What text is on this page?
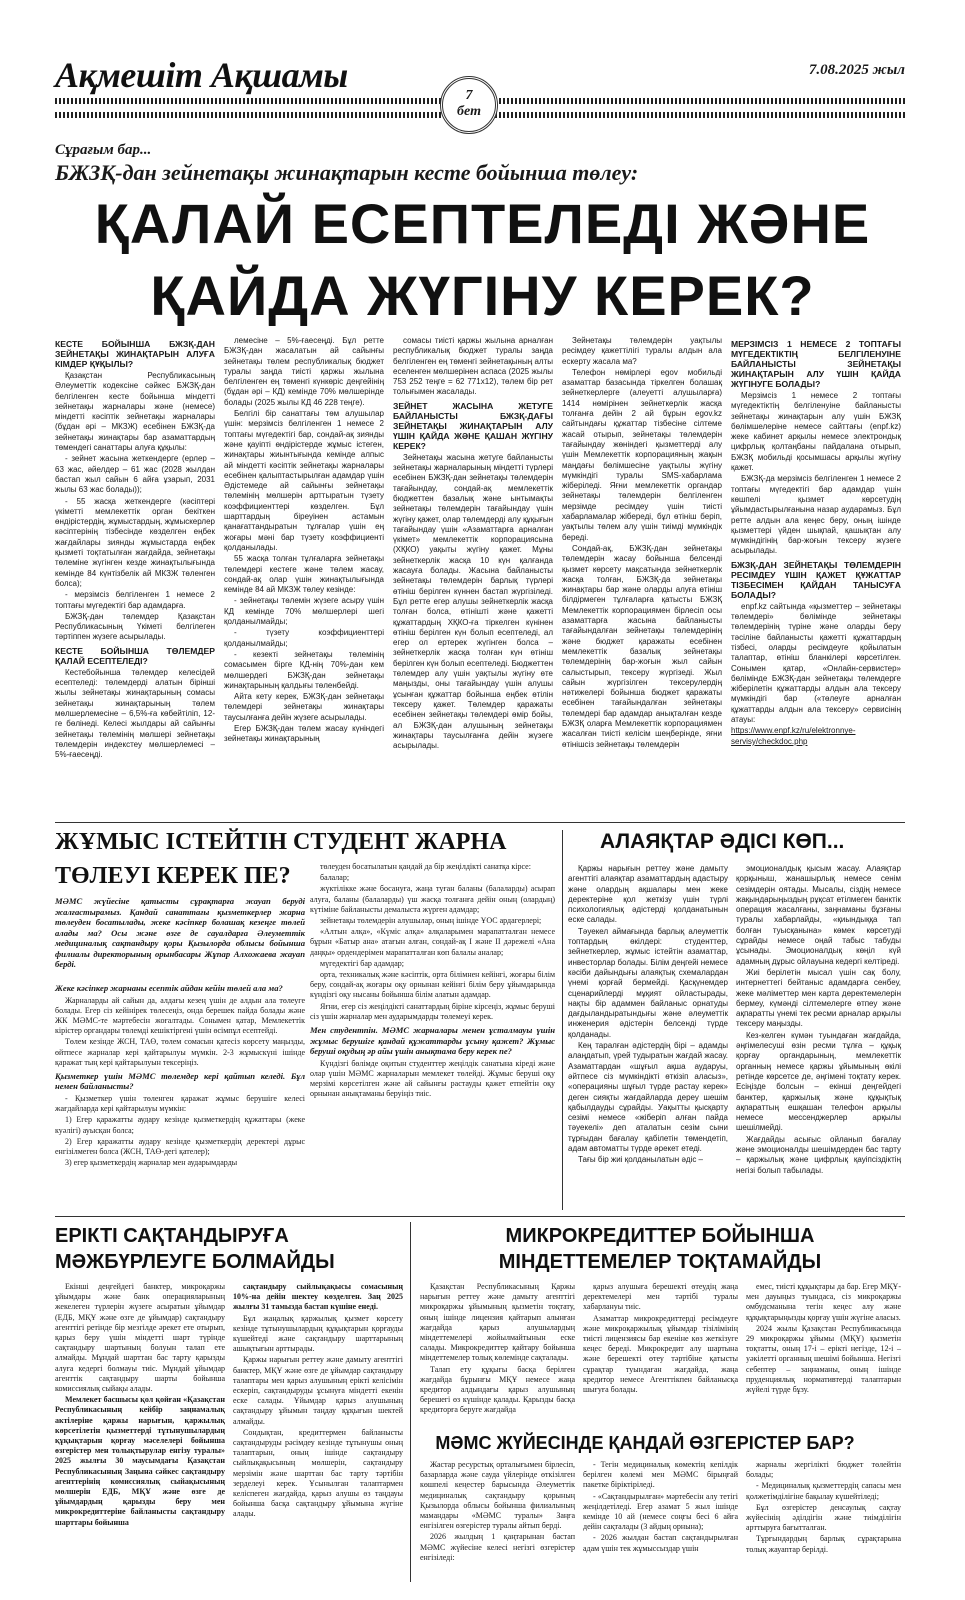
Ақмешіт Ақшамы
7
бет
7.08.2025 жыл
Сұрағым бар...
БЖЗҚ-дан зейнетақы жинақтарын кесте бойынша төлеу:
ҚАЛАЙ ЕСЕПТЕЛЕДІ ЖӘНЕ
ҚАЙДА ЖҮГІНУ КЕРЕК?
КЕСТЕ БОЙЫНША БЖЗҚ-ДАН ЗЕЙНЕТАҚЫ ЖИНАҚТАРЫН АЛУҒА КІМДЕР ҚҰҚЫЛЫ?

Қазақстан Республикасының Әлеуметтік кодексіне сәйкес БЖЗҚ-дан белгіленген кесте бойынша міндетті зейнетақы жарналары және (немесе) міндетті кәсіптік зейнетақы жарналары (бұдан әрі – МКЗЖ) есебінен БЖЗҚ-да зейнетақы жинақтары бар азаматтардың төмендегі санаттары алуға құқылы:

- зейнет жасына жеткендерге (ерлер – 63 жас, әйелдер – 61 жас (2028 жылдан бастап жыл сайын 6 айға ұзарып, 2031 жылы 63 жас болады));

- 55 жасқа жеткендерге (кәсіптері үкіметті мемлекеттік орган бекіткен өндірістердің, жұмыстардың, жұмыскерлер кәсіптерінің тізбесінде көзделген еңбек жағдайлары зиянды жұмыстарда еңбек қызметі тоқтатылған жағдайда, зейнетақы төлеміне жүгінген кезде жинақтылығында кемінде 84 күнтізбелік ай МКЗЖ төленген болса);

- мерзімсіз белгіленген 1 немесе 2 топтағы мүгедектігі бар адамдарға.

БЖЗҚ-дан төлемдер Қазақстан Республикасының Үкіметі белгілеген тәртіппен жүзеге асырылады.

КЕСТЕ БОЙЫНША ТӨЛЕМДЕР ҚАЛАЙ ЕСЕПТЕЛЕДІ?

Кестебойынша төлемдер келесідей есептеледі: төлемдерді алатын бірінші жылы зейнетақы жинақтарының сомасы зейнетақы жинақтарының төлем мөлшерлемесіне – 6,5%-ға көбейтіліп, 12-ге бөлінеді. Келесі жылдары ай сайынғы зейнетақы төлемінің мөлшері зейнетақы төлемдерін индекстеу мөлшерлемесі – 5%-ғаесеңді.

лемесіне – 5%-ғаесеңді. Бұл ретте БЖЗҚ-дан жасалатын ай сайынғы зейнетақы төлем республикалық бюджет туралы заңда тиісті қаржы жылына белгіленген ең төменгі күнкөріс деңгейінің (бұдан әрі – КД) кемінде 70% мөлшерінде болады (2025 жылы КД 46 228 теңге).

Белгілі бір санаттағы төм алушылар үшін: мерзімсіз белгіленген 1 немесе 2 топтағы мүгедектігі бар, сондай-ақ зиянды және қауіпті өндірістерде жұмыс істеген, жинақтары жиынтығында кемінде алпыс ай міндетті кәсіптік зейнетақы жарналары есебінен қалыптастырылған адамдар үшін Әдістемеде ай сайынғы зейнетақы төлемінің мөлшерін арттыратын түзету коэффициенттері көзделген. Бұл шарттардың біреуінен астамын қанағаттандыратын тұлғалар үшін ең жоғары мәні бар түзету коэффициенті қолданылады.

55 жасқа толған тұлғаларға зейнетақы төлемдері кестеге және төлем жасау, сондай-ақ олар үшін жинақтылығында кемінде 84 ай МКЗЖ төлеу кезінде:

- зейнетақы төлемін жүзеге асыру үшін КД кемінде 70% мөлшерлері шегі қолданылмайды;

- түзету коэффициенттері қолданылмайды;

- кезекті зейнетақы төлемінің сомасымен бірге КД-нің 70%-дан кем мөлшердегі БЖЗҚ-дан зейнетақы жинақтарының қалдығы төленбейді.

Айта кету керек, БЖЗҚ-дан зейнетақы төлемдері зейнетақы жинақтары таусылғанға дейін жүзеге асырылады.

Егер БЖЗҚ-дан төлем жасау күніндегі зейнетақы жинақтарының

сомасы тиісті қаржы жылына арналған республикалық бюджет туралы заңда белгіленген ең төменгі зейнетақының алты еселенген мөлшерінен аспаса (2025 жылы 753 252 теңге = 62 771х12), төлем бір рет толығымен жасалады.

ЗЕЙНЕТ ЖАСЫНА ЖЕТУГЕ БАЙЛАНЫСТЫ БЖЗҚ-ДАҒЫ ЗЕЙНЕТАҚЫ ЖИНАҚТАРЫН АЛУ ҮШІН ҚАЙДА ЖӘНЕ ҚАШАН ЖҮГІНУ КЕРЕК?

Зейнетақы жасына жетуге байланысты зейнетақы жарналарының міндетті түрлері есебінен БЖЗҚ-дан зейнетақы төлемдерін тағайындау, сондай-ақ мемлекеттік бюджеттен базалық және ынтымақты зейнетақы төлемдерін тағайындау үшін жүгіну қажет, олар төлемдерді алу құқығын тағайындау үшін «Азаматтарға арналған үкімет» мемлекеттік корпорациясына (ХҚКО) уақыты жүгіну қажет. Мұны зейнеткерлік жасқа 10 күн қалғанда жасауға болады. Жасына байланысты зейнетақы төлемдерін барлық түрлері өтініш берілген күннен бастап жүргізіледі. Бұл ретте егер алушы зейнеткерлік жасқа толған болса, өтінішті және қажетті құжаттардың ХҚКО-ға тіркелген күнінен өтініш берілген күн болып есептеледі, ал егер ол ертерек жүгінген болса – зейнеткерлік жасқа толған күн өтініш берілген күн болып есептеледі. Бюджеттен төлемдер алу үшін уақтылы жүгіну өте маңызды, оны тағайындау үшін алушы ұсынған құжаттар бойынша еңбек өтілін тексеру қажет. Төлемдер қаражаты есебінен зейнетақы төлемдері өмір бойы, ал БЖЗҚ-дан алушының зейнетақы жинақтары таусылғанға дейін жүзеге асырылады.

Зейнетақы төлемдерін уақтылы ресімдеу қажеттілігі туралы алдын ала ескерту жасала ма?

Телефон нөмірлері egov мобильді азаматтар базасында тіркелген болашақ зейнеткерлерге (алеуетті алушыларға) 1414 нөмірінен зейнеткерлік жасқа толғанға дейін 2 ай бұрын egov.kz сайтындағы құжаттар тізбесіне сілтеме жасай отырып, зейнетақы төлемдерін тағайындау жөніндегі қызметтерді алу үшін Мемлекеттік корпорацияның жақын маңдағы бөлімшесіне уақтылы жүгіну мүмкіндігі туралы SMS-хабарлама жіберіледі. Яғни мемлекеттік органдар зейнетақы төлемдерін белгіленген мерзімде ресімдеу үшін тиісті хабарламалар жібереді, бұл өтініш беріп, уақтылы төлем алу үшін тиімді мүмкіндік береді.

Сондай-ақ, БЖЗҚ-дан зейнетақы төлемдерін жасау бойынша белсенді қызмет көрсету мақсатында зейнеткерлік жасқа толған, БЖЗҚ-да зейнетақы жинақтары бар және оларды алуға өтініш білдірмеген тұлғаларға қатысты БЖЗҚ Мемлекеттік корпорациямен бірлесіп осы азаматтарға жасына байланысты тағайындалған зейнетақы төлемдерінің және бюджет қаражаты есебінен мемлекеттік базалық зейнетақы төлемдерінің бар-жоғын жыл сайын салыстырып, тексеру жүргізеді. Жыл сайын жүргізілген тексерулердің нәтижелері бойынша бюджет қаражаты есебінен тағайындалған зейнетақы төлемдері бар адамдар анықталған кезде БЖЗҚ оларға Мемлекеттік корпорациямен жасалған тиісті келісім шеңберінде, яғни өтінішсіз зейнетақы төлемдерін

МЕРЗІМСІЗ 1 НЕМЕСЕ 2 ТОПТАҒЫ МҮГЕДЕКТІКТІҢ БЕЛГІЛЕНУІНЕ БАЙЛАНЫСТЫ ЗЕЙНЕТАҚЫ ЖИНАҚТАРЫН АЛУ ҮШІН ҚАЙДА ЖҮГІНУГЕ БОЛАДЫ?

Мерзімсіз 1 немесе 2 топтағы мүгедектіктің белгіленуіне байланысты зейнетақы жинақтарын алу үшін БЖЗҚ бөлімшелеріне немесе сайттағы (enpf.kz) жеке кабинет арқылы немесе электрондық цифрлық қолтаңбаны пайдалана отырып, БЖЗҚ мобильді қосымшасы арқылы жүгіну қажет.

БЖЗҚ-да мерзімсіз белгіленген 1 немесе 2 топтағы мүгедектігі бар адамдар үшін көшпелі қызмет көрсетудің ұйымдастырылғанына назар аударамыз. Бұл ретте алдын ала кеңес беру, оның ішінде қызметтері үйден шықпай, қашықтан алу мүмкіндігінің бар-жоғын тексеру жүзеге асырылады.

БЖЗҚ-ДАН ЗЕЙНЕТАҚЫ ТӨЛЕМДЕРІН РЕСІМДЕУ ҮШІН ҚАЖЕТ ҚҰЖАТТАР ТІЗБЕСІМЕН ҚАЙДАН ТАНЫСУҒА БОЛАДЫ?

enpf.kz сайтында «қызметтер – зейнетақы төлемдері» бөлімінде зейнетақы төлемдерінің түріне және оларды беру тәсіліне байланысты қажетті құжаттардың тізбесі, оларды ресімдеуге қойылатын талаптар, өтініш бланкілері көрсетілген. Сонымен қатар, «Онлайн-сервистер» бөлімінде БЖЗҚ-дан зейнетақы төлемдерге жіберілетін құжаттарды алдын ала тексеру мүмкіндігі бар («төлеуге арналған құжаттарды алдын ала тексеру» сервисінің атауы:

https://www.enpf.kz/ru/elektronnye-servisy/checkdoc.php

ЖҰМЫС ІСТЕЙТІН СТУДЕНТ ЖАРНА
ТӨЛЕУІ КЕРЕК ПЕ?
МӘМС жүйесіне қатысты сұрақтарға жауап беруді жалғастырамыз. Қандай санаттағы қызметкерлер жарна төлеуден босатылады, жеке кәсіпкер болашақ кезеңге төлей алады ма? Осы және өзге де сауалдарға Әлеуметтік медициналық сақтандыру қоры Қызылорда облысы бойынша филиалы директорының орынбасары Жұпар Алхожаева жауап берді.
Жеке кәсіпкер жарнаны есептік айдан кейін төлей ала ма?

Жарналарды ай сайын да, алдағы кезең үшін де алдын ала төлеуге болады. Егер сіз кейінірек төлесеңіз, онда берешек пайда болады және ЖК МӘМС-те мәртебесін жоғалтады. Сонымен қатар, Мемлекеттік кірістер органдары төлемді кешіктіргені үшін өсімпұл есептейді.

Төлем кезінде ЖСН, ТАӨ, төлем сомасын қатесіз көрсету маңызды, өйтпесе жарналар кері қайтарылуы мүмкін. 2-3 жұмыскүні ішінде қаражат тың кері қайтарылуын тексеріңіз.

Қызметкер үшін МӘМС төлемдер кері қайтып келеді. Бұл немен байланысты?

- Қызметкер үшін төленген қаражат жұмыс берушіге келесі жағдайларда кері қайтарылуы мүмкін:

1) Егер қаражатты аудару кезінде қызметкердің құжаттары (жеке куәлігі) ауысқан болса;

2) Егер қаражатты аудару кезінде қызметкердің деректері дұрыс енгізілмеген болса (ЖСН, ТАӨ-дегі қателер);

3) егер қызметкердің жарналар мен аударымдарды

төлеуден босатылатын қандай да бір жеңілдікті санатқа кірсе:

балалар;

жүктілікке және босануға, жаңа туған баланы (балаларды) асырап алуға, баланы (балаларды) үш жасқа толғанға дейін оның (олардың) күтіміне байланысты демалыста жүрген адамдар;

зейнетақы төлемдерін алушылар, оның ішінде ҰОС ардагерлері;

«Алтын алқа», «Күміс алқа» алқаларымен марапатталған немесе бұрын «Батыр ана» атағын алған, сондай-ақ I және II дәрежелі «Ана даңқы» ордендерімен марапатталған көп балалы аналар;

мүгедектігі бар адамдар;

орта, техникалық және кәсіптік, орта білімнен кейінгі, жоғары білім беру, сондай-ақ жоғары оқу орнынан кейінгі білім беру ұйымдарында күндізгі оқу нысаны бойынша білім алатын адамдар.

Яғни, егер сіз жеңілдікті санаттардың біріне кірсеңіз, жұмыс беруші сіз үшін жарналар мен аударымдарды төлемеуі керек.

Мен студентпін. МӘМС жарналары менен ұсталмауы үшін жұмыс берушіге қандай құжаттарды ұсыну қажет? Жұмыс беруші оқудың әр айы үшін анықтама беру керек пе?

Күндізгі бөлімде оқитын студенттер жеңілдік санатына кіреді және олар үшін МӘМС жарналарын мемлекет төлейді. Жұмыс беруші оқу мерзімі көрсетілген және ай сайынғы растауды қажет етпейтін оқу орнынан анықтаманы беруіңіз тиіс.

АЛАЯҚТАР ӘДІСІ КӨП...

Қаржы нарығын реттеу және дамыту агенттігі алаяқтар азаматтардың адастыру және олардың ақшалары мен жеке деректеріне қол жеткізу үшін түрлі психологиялық әдістерді қолданатынын еске салады.

Тәуекел аймағында барлық алеуметтік топтардың өкілдері: студенттер, зейнеткерлер, жұмыс істейтін азаматтар, инвесторлар болады. Білім деңгейі немесе кәсіби дайындығы алаяқтық схемалардан үнемі қорғай бермейді. Қасқүнемдер сценарийлерді мұқият ойластырады, нақты бір адаммен байланыс орнатуды дағдыландыратындығы және әлеуметтік инженерия әдістерін белсенді түрде қолданады.

Кең таралған әдістердің бірі – адамды алаңдатып, үрей тудыратын жағдай жасау. Азаматтардан «шұғыл ақша аударуы, әйтпесе сіз мүмкіндікті өткізіп аласыз», «операцияны шұғыл түрде растау керек» деген сияқты жағдайларда дереу шешім қабылдауды сұрайды. Уақытты қысқарту сезімі немесе «жіберіп алған пайда тәуекелі» деп аталатын сезім сыни тұрғыдан бағалау қабілетін төмендетіп, адам автоматты түрде әрекет етеді.

Тағы бір жиі қолданылатын әдіс –

эмоционалдық қысым жасау. Алаяқтар қорқыныш, жанашырлық немесе сенім сезімдерін оятады. Мысалы, сіздің немесе жақындарыңыздың рұқсат етілмеген банктік операция жасалғаны, заңнаманы бұзғаны туралы хабарлайды, «қиындыққа тап болған туысқанына» көмек көрсетуді сұрайды немесе оңай табыс табуды ұсынады. Эмоционалдық көңіл күй адамның дұрыс ойлауына кедергі келтіреді.

Жиі берілетін мысал үшін сақ болу, интернеттегі бейтаныс адамдарға сенбеу, жеке мәліметтер мен карта деректемелерін бермеу, күмәнді сілтемелерге өтпеу және ақпаратты үнемі тек ресми арналар арқылы тексеру маңызды.

Кез-келген күмән туындаған жағдайда, әңгімелесуші өзін ресми тұлға – құқық қорғау органдарының, мемлекеттік органның немесе қаржы ұйымының өкілі ретінде көрсетсе де, әңгімені тоқтату керек. Есіңізде болсын – екінші деңгейдегі банктер, қаржылық және құқықтық ақпараттың ешқашан телефон арқылы немесе мессенджерлер арқылы шешілмейді.

Жағдайды асығыс ойланып бағалау және эмоционалды шешімдерден бас тарту – қаржылық және цифрлық қауіпсіздіктің негізі болып табылады.

ЕРІКТІ САҚТАНДЫРУҒА
МӘЖБҮРЛЕУГЕ БОЛМАЙДЫ

Екінші деңгейдегі банктер, микроқаржы ұйымдары және банк операцияларының жекелеген түрлерін жүзеге асыратын ұйымдар (ЕДБ, МҚҰ және өзге де ұйымдар) сақтандыру агенттігі ретінде бір мезгілде әрекет ете отырып, қарыз беру үшін міндетті шарт түрінде сақтандыру шартының болуын талап ете алмайды. Мұндай шарттан бас тарту қарызды алуға кедергі болмауы тиіс. Мұндай ұйымдар агенттік сақтандыру шарты бойынша комиссиялық сыйақы алады.

Мемлекет басшысы қол қойған «Қазақстан Республикасының кейбір заңнамалық актілеріне қаржы нарығын, қаржылық көрсетілетін қызметтерді тұтынушылардың құқықтарын қорғау мәселелері бойынша өзгерістер мен толықтырулар енгізу туралы» 2025 жылғы 30 маусымдағы Қазақстан Республикасының Заңына сәйкес сақтандыру агенттерінің комиссиялық сыйақысының мөлшерін ЕДБ, МҚҰ және өзге де ұйымдардың қарызды беру мен микрокредиттеріне байланысты сақтандыру шарттары бойынша

сақтандыру сыйлықақысы сомасының 10%-на дейін шектеу көзделген. Заң 2025 жылғы 31 тамызда бастап күшіне енеді.

Бұл жаңалық қаржылық қызмет көрсету кезінде тұтынушылардың құқықтарын қорғауды күшейтеді және сақтандыру шарттарының ашықтығын арттырады.

Қаржы нарығын реттеу және дамыту агенттігі банктер, МҚҰ және өзге де ұйымдар сақтандыру талаптары мен қарыз алушының ерікті келісімін ескеріп, сақтандыруды ұсынуға міндетті екенін еске салады. Ұйымдар қарыз алушының сақтандыру ұйымын таңдау құқығын шектей алмайды.

Сондықтан, кредиттермен байланысты сақтандыруды рәсімдеу кезінде тұтынушы оның талаптарын, оның ішінде сақтандыру сыйлықақысының мөлшерін, сақтандыру мерзімін және шарттан бас тарту тәртібін зерделеуі керек. Ұсынылған талаптармен келіспеген жағдайда, қарыз алушы өз таңдауы бойынша басқа сақтандыру ұйымына жүгіне алады.

МИКРОКРЕДИТТЕР БОЙЫНША
МІНДЕТТЕМЕЛЕР ТОҚТАМАЙДЫ

Қазақстан Республикасының Қаржы нарығын реттеу және дамыту агенттігі микроқаржы ұйымының қызметін тоқтату, оның ішінде лицензия қайтарып алынған жағдайда қарыз алушылардың міндеттемелері жойылмайтынын еске салады. Микрокредиттер қайтару бойынша міндеттемелер толық көлемінде сақталады.

Талап ету құқығы басқа берілген жағдайда бұрынғы МҚҰ немесе жаңа кредитор алдындағы қарыз алушының берешегі өз күшінде қалады. Қарызды басқа кредиторға беруге жағдайда

қарыз алушыға берешекті өтеудің жаңа деректемелері мен тәртібі туралы хабарлануы тиіс.

Азаматтар микрокредиттерді ресімдеуге және микроқаржылық ұйымдар тізілімінің тиісті лицензиясы бар екеніне көз жеткізуге кеңес береді. Микрокредит алу шартына және берешекті өтеу тәртібіне қатысты сұрақтар туындаған жағдайда, жаңа кредитор немесе Агенттікпен байланысқа шығуға болады.

емес, тиісті құқықтары да бар. Егер МҚҰ-мен дауыңыз туындаса, сіз микроқаржы омбудсманына тегін кеңес алу және құқықтарыңызды қорғау үшін жүгіне аласыз.

2024 жылы Қазақстан Республикасында 29 микроқаржы ұйымы (МҚҰ) қызметін тоқтатты, оның 17-і – ерікті негізде, 12-і – уәкілетті органның шешімі бойынша. Негізгі себептер – заңнаманы, оның ішінде пруденциялық нормативтерді талаптарын жүйелі түрде бұзу.

МӘМС ЖҮЙЕСІНДЕ ҚАНДАЙ ӨЗГЕРІСТЕР БАР?

Жастар ресурстық орталығымен бірлесіп, базарларда және сауда үйлерінде өткізілген көшпелі кеңестер барысында Әлеуметтік медициналық сақтандыру қорының Қызылорда облысы бойынша филиалының мамандары «МӘМС туралы» Заңға енгізілген өзгерістер туралы айтып берді.

2026 жылдың 1 қаңтарынан бастап МӘМС жүйесіне келесі негізгі өзгерістер енгізіледі:

- Тегін медициналық көмектің кепілдік берілген көлемі мен МӘМС бірыңғай пакетке біріктіріледі.

- «Сақтандырылған» мәртебесін алу тетігі жеңілдетіледі. Егер азамат 5 жыл ішінде кемінде 10 ай (немесе соңғы бесі 6 айға дейін сақталады (3 айдың орнына);

- 2026 жылдан бастап сақтандырылған адам үшін тек жұмыссыздар үшін

жарналы жергілікті бюджет төлейтін болады;

- Медициналық қызметтердің сапасы мен қолжетімділігіне бақылау күшейтіледі;

Бұл өзгерістер денсаулық сақтау жүйесінің әділдігін және тиімділігін арттыруға бағытталған.

Тұрғындардың барлық сұрақтарына толық жауаптар берілді.
